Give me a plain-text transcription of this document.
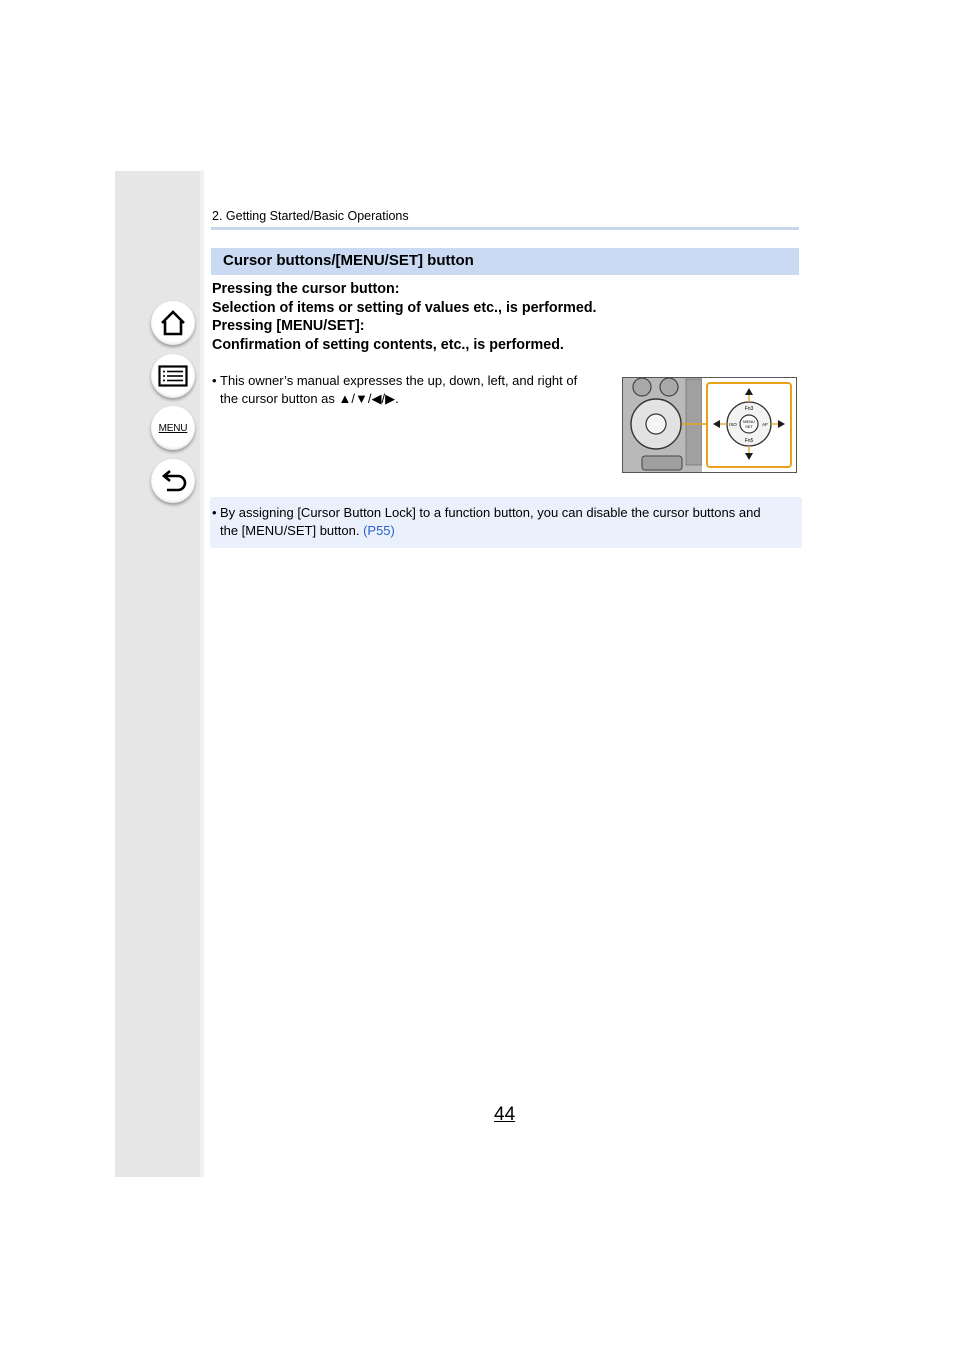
MENU
2. Getting Started/Basic Operations
Cursor buttons/[MENU/SET] button
Pressing the cursor button:
Selection of items or setting of values etc., is performed.
Pressing [MENU/SET]:
Confirmation of setting contents, etc., is performed.
• This owner’s manual expresses the up, down, left, and right of
the cursor button as ▲/▼/◀/▶.
Fn3
Fn5
ISO	AF
MENU
SET
• By assigning [Cursor Button Lock] to a function button, you can disable the cursor buttons and
the [MENU/SET] button. (P55)
44
